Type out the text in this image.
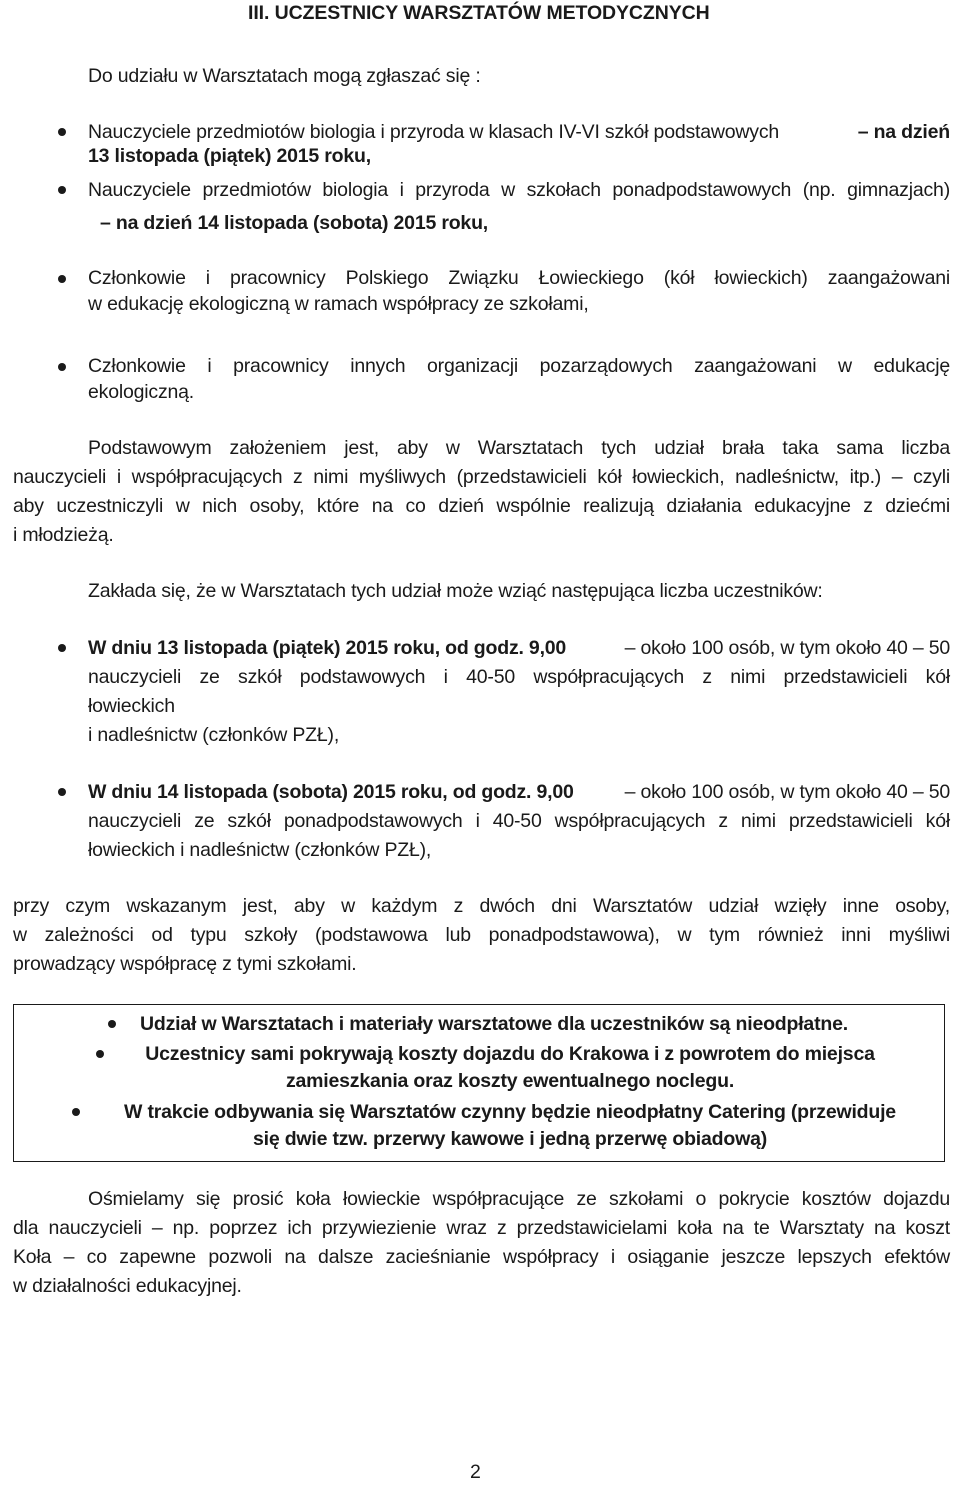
III. UCZESTNICY WARSZTATÓW METODYCZNYCH
Do udziału w Warsztatach mogą zgłaszać się :
Nauczyciele przedmiotów biologia i przyroda w klasach IV-VI szkół podstawowych	– na dzień
13 listopada (piątek) 2015 roku,
Nauczyciele przedmiotów biologia i przyroda w szkołach ponadpodstawowych (np. gimnazjach)
– na dzień 14 listopada (sobota) 2015 roku,
Członkowie i pracownicy Polskiego Związku Łowieckiego (kół łowieckich) zaangażowani
w edukację ekologiczną w ramach współpracy ze szkołami,
Członkowie i pracownicy innych organizacji pozarządowych zaangażowani w edukację
ekologiczną.
Podstawowym założeniem jest, aby w Warsztatach tych udział brała taka sama liczba
nauczycieli i współpracujących z nimi myśliwych (przedstawicieli kół łowieckich, nadleśnictw, itp.) – czyli
aby uczestniczyli w nich osoby, które na co dzień wspólnie realizują działania edukacyjne z dziećmi
i młodzieżą.
Zakłada się, że w Warsztatach tych udział może wziąć następująca liczba uczestników:
W dniu 13 listopada (piątek) 2015 roku, od godz. 9,00	– około 100 osób, w tym około 40 – 50
nauczycieli ze szkół podstawowych i 40-50 współpracujących z nimi przedstawicieli kół
łowieckich
i nadleśnictw (członków PZŁ),
W dniu 14 listopada (sobota) 2015 roku, od godz. 9,00	– około 100 osób, w tym około 40 – 50
nauczycieli ze szkół ponadpodstawowych i 40-50 współpracujących z nimi przedstawicieli kół
łowieckich i nadleśnictw (członków PZŁ),
przy czym wskazanym jest, aby w każdym z dwóch dni Warsztatów udział wzięły inne osoby,
w zależności od typu szkoły (podstawowa lub ponadpodstawowa), w tym również inni myśliwi
prowadzący współpracę z tymi szkołami.
Udział w Warsztatach i materiały warsztatowe dla uczestników są nieodpłatne.
Uczestnicy sami pokrywają koszty dojazdu do Krakowa i z powrotem do miejsca
zamieszkania oraz koszty ewentualnego noclegu.
W trakcie odbywania się Warsztatów czynny będzie nieodpłatny Catering (przewiduje
się dwie tzw. przerwy kawowe i jedną przerwę obiadową)
Ośmielamy się prosić koła łowieckie współpracujące ze szkołami o pokrycie kosztów dojazdu
dla nauczycieli – np. poprzez ich przywiezienie wraz z przedstawicielami koła na te Warsztaty na koszt
Koła – co zapewne pozwoli na dalsze zacieśnianie współpracy i osiąganie jeszcze lepszych efektów
w działalności edukacyjnej.
2
